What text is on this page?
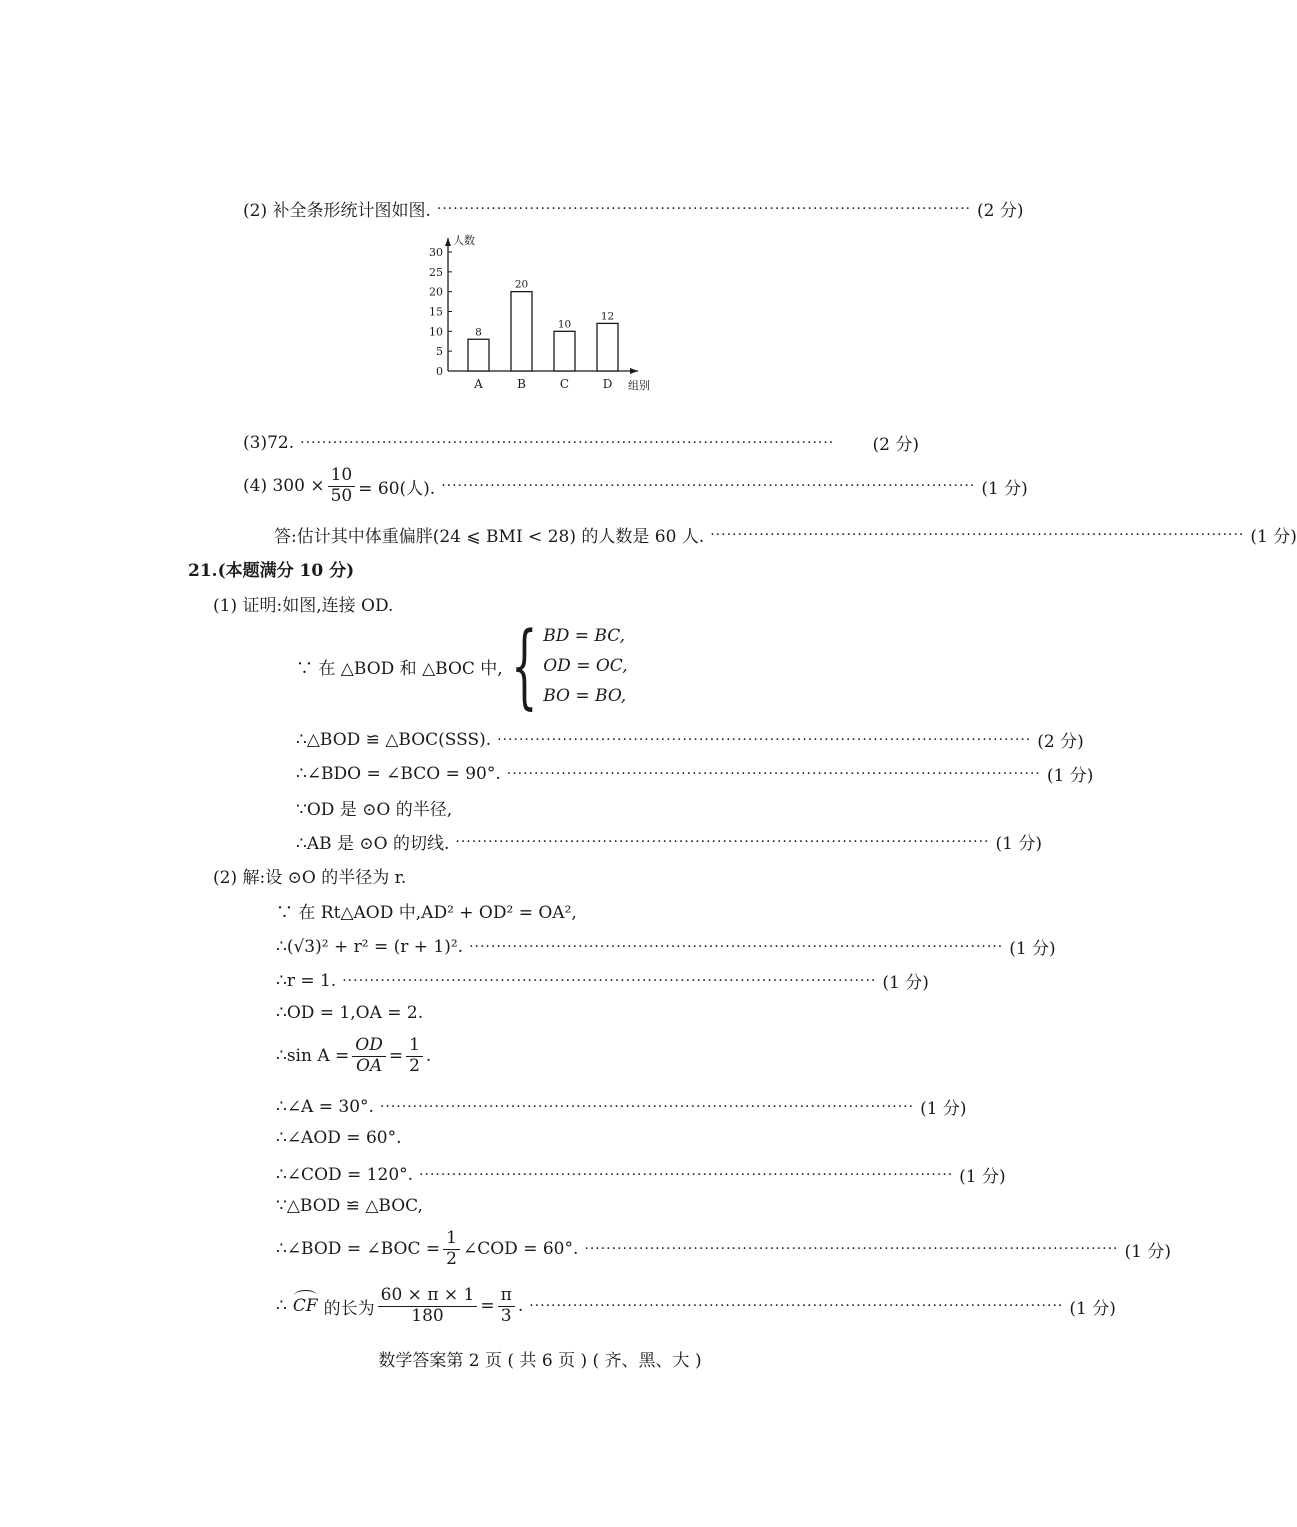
(2) 补全条形统计图如图. ·································································································· (2 分)
0
5
10
15
20
25
30
人数
组别
8
A
20
B
10
C
12
D
(3)72. ··································································································	(2 分)
(4) $300 \times \frac{10}{50} = 60$(人). ·································································································· (1 分)
答:估计其中体重偏胖(24 ⩽ BMI < 28) 的人数是 60 人. ·································································································· (1 分)
21.(本题满分 10 分)
(1) 证明:如图,连接 OD.
∵ 在 △BOD 和 △BOC 中, { BD = BC,
OD = OC,
BO = BO,
∴△BOD ≌ △BOC(SSS). ·································································································· (2 分)
∴∠BDO = ∠BCO = 90°. ·································································································· (1 分)
∵OD 是 ⊙O 的半径,
∴AB 是 ⊙O 的切线. ·································································································· (1 分)
(2) 解:设 ⊙O 的半径为 r.
∵ 在 Rt△AOD 中,AD² + OD² = OA²,
∴(√3)² + r² = (r + 1)². ·································································································· (1 分)
∴r = 1. ·································································································· (1 分)
∴OD = 1,OA = 2.
∴sin $A = \frac{OD}{OA} = \frac{1}{2}$ .
∴∠A = 30°. ·································································································· (1 分)
∴∠AOD = 60°.
∴∠COD = 120°. ·································································································· (1 分)
∵△BOD ≌ △BOC,
∴∠BOD = ∠BOC = $\frac{1}{2}$ ∠COD = 60°. ·································································································· (1 分)
∴ CF 的长为 $\frac{60 \times \pi \times 1}{180} = \frac{\pi}{3}$ . ·································································································· (1 分)
数学答案第 2 页 ( 共 6 页 ) ( 齐、黑、大 )
